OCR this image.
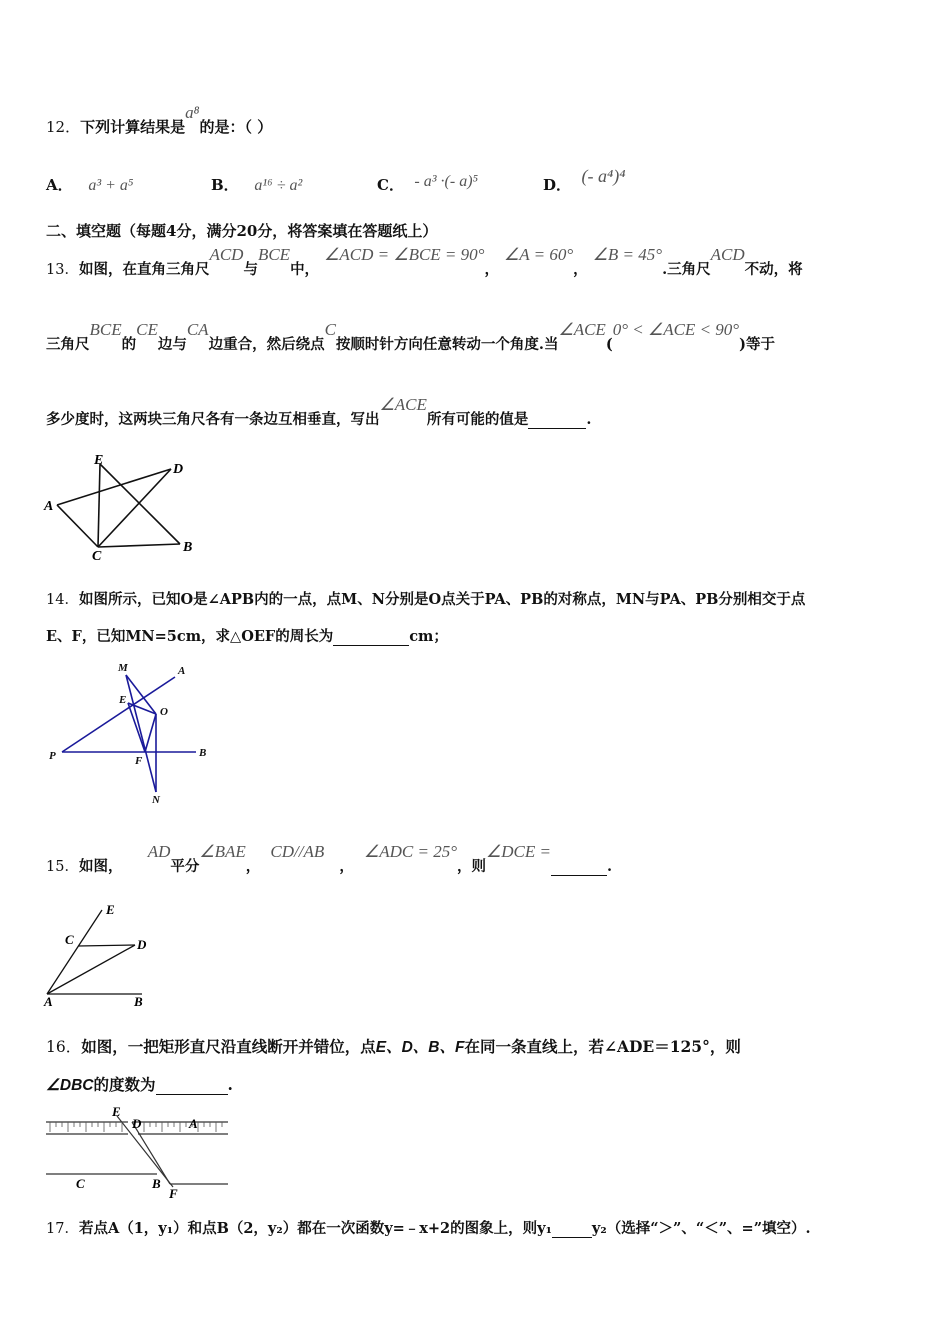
12．下列计算结果是a⁸的是：（ ）
A． a³ + a⁵	B． a¹⁶ ÷ a²	C． - a³ ·(- a)⁵	D． (- a⁴)⁴
二、填空题（每题4分，满分20分，将答案填在答题纸上）
13．如图，在直角三角尺ACD与BCE中， ∠ACD = ∠BCE = 90°， ∠A = 60°， ∠B = 45°.三角尺ACD不动，将
三角尺BCE的CE边与CA边重合，然后绕点C按顺时针方向任意转动一个角度.当∠ACE(0° < ∠ACE < 90°)等于
多少度时，这两块三角尺各有一条边互相垂直，写出∠ACE所有可能的值是	.
E
D
A
C
B
14．如图所示，已知O是∠APB内的一点，点M、N分别是O点关于PA、PB的对称点，MN与PA、PB分别相交于点
E、F，已知MN=5cm，求△OEF的周长为	cm；
M	A
E
O
P	F
B
N
15．如图，     AD平分∠BAE，  CD//AB   ，  ∠ADC = 25°，则∠DCE = .
E
C	D
A	B
16．如图，一把矩形直尺沿直线断开并错位，点E、D、B、F在同一条直线上，若∠ADE＝125°，则
∠DBC的度数为	.
E
D	A
C	B
F
17．若点A（1，y₁）和点B（2，y₂）都在一次函数y=﹣x+2的图象上，则y₁	y₂（选择“＞”、“＜”、=”填空）.
